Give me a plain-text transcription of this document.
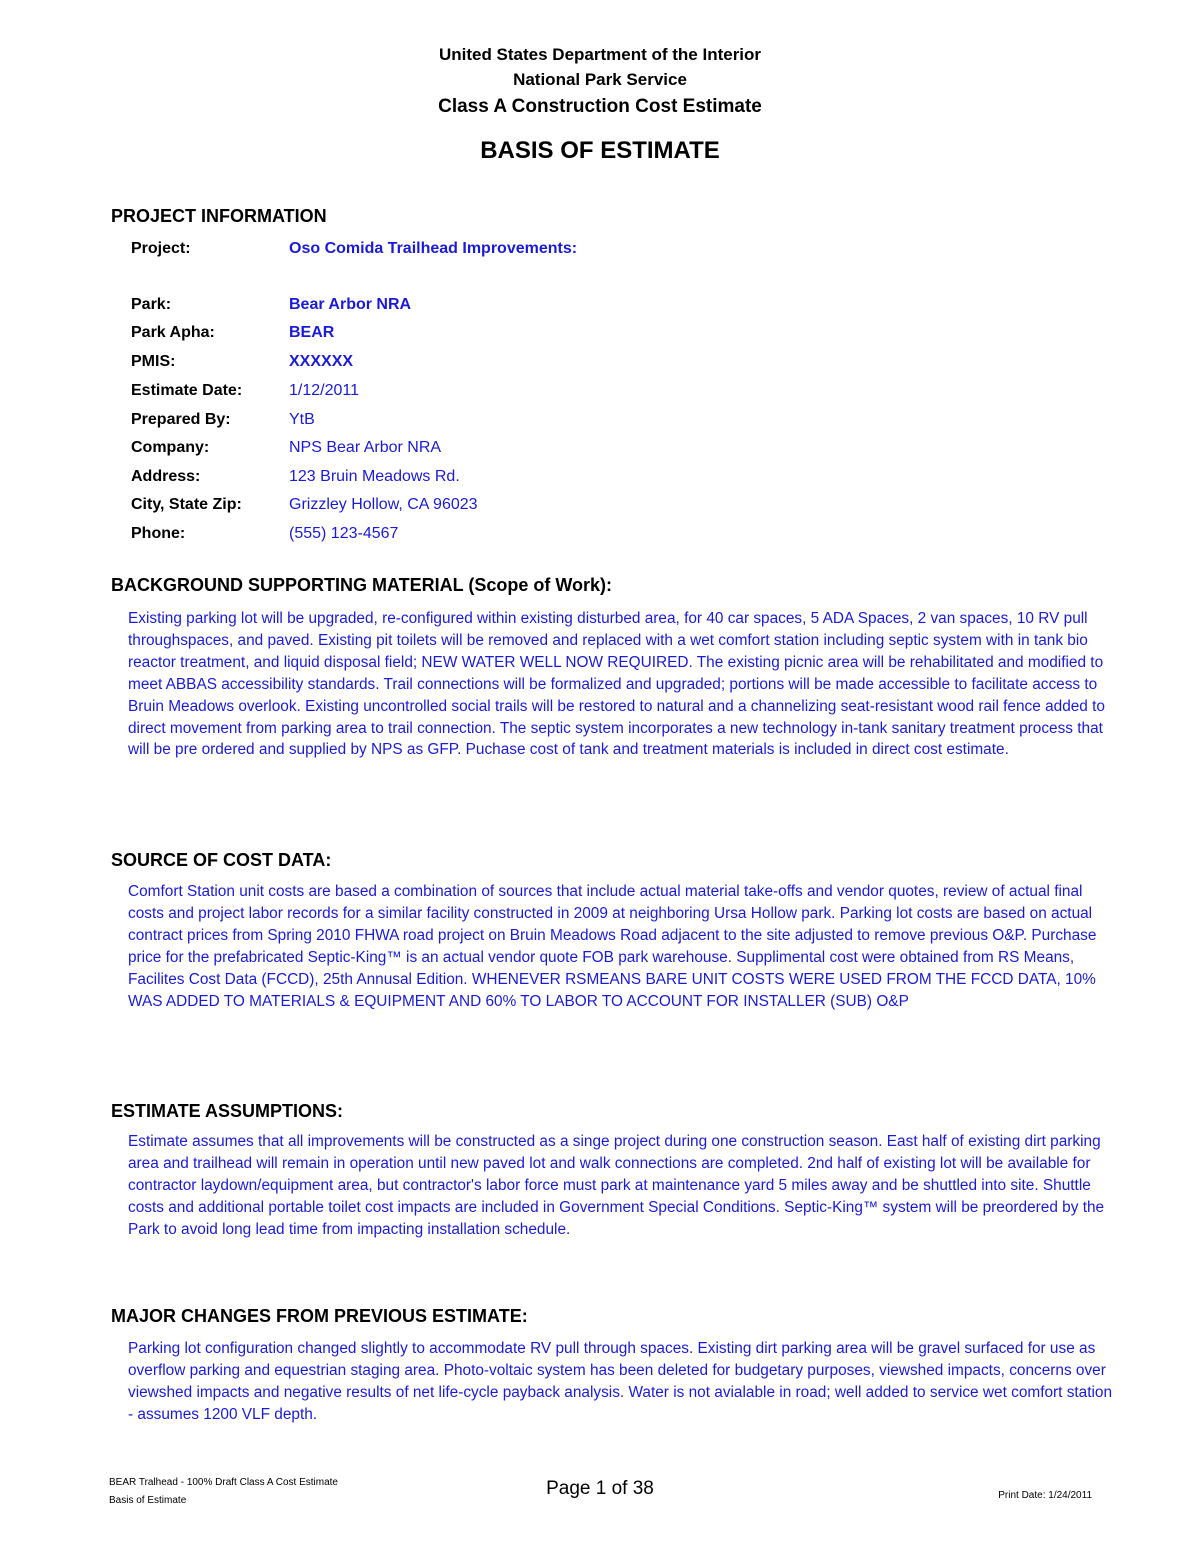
United States Department of the Interior
National Park Service
Class A Construction Cost Estimate
BASIS OF ESTIMATE
PROJECT INFORMATION
Project:	Oso Comida Trailhead Improvements:
Park:	Bear Arbor NRA
Park Apha:	BEAR
PMIS:	XXXXXX
Estimate Date:	1/12/2011
Prepared By:	YtB
Company:	NPS Bear Arbor NRA
Address:	123 Bruin Meadows Rd.
City, State Zip:	Grizzley Hollow, CA 96023
Phone:	(555) 123-4567
BACKGROUND SUPPORTING MATERIAL (Scope of Work):
Existing parking lot will be upgraded, re-configured within existing disturbed area, for 40 car spaces, 5 ADA Spaces, 2 van spaces, 10 RV pull throughspaces, and paved. Existing pit toilets will be removed and replaced with a wet comfort station including septic system with in tank bio reactor treatment, and liquid disposal field; NEW WATER WELL NOW REQUIRED. The existing picnic area will be rehabilitated and modified to meet ABBAS accessibility standards. Trail connections will be formalized and upgraded; portions will be made accessible to facilitate access to Bruin Meadows overlook. Existing uncontrolled social trails will be restored to natural and a channelizing seat-resistant wood rail fence added to direct movement from parking area to trail connection. The septic system incorporates a new technology in-tank sanitary treatment process that will be pre ordered and supplied by NPS as GFP. Puchase cost of tank and treatment materials is included in direct cost estimate.
SOURCE OF COST DATA:
Comfort Station unit costs are based a combination of sources that include actual material take-offs and vendor quotes, review of actual final costs and project labor records for a similar facility constructed in 2009 at neighboring Ursa Hollow park. Parking lot costs are based on actual contract prices from Spring 2010 FHWA road project on Bruin Meadows Road adjacent to the site adjusted to remove previous O&P. Purchase price for the prefabricated Septic-King™ is an actual vendor quote FOB park warehouse. Supplimental cost were obtained from RS Means, Facilites Cost Data (FCCD), 25th Annusal Edition. WHENEVER RSMEANS BARE UNIT COSTS WERE USED FROM THE FCCD DATA, 10% WAS ADDED TO MATERIALS & EQUIPMENT AND 60% TO LABOR TO ACCOUNT FOR INSTALLER (SUB) O&P
ESTIMATE ASSUMPTIONS:
Estimate assumes that all improvements will be constructed as a singe project during one construction season. East half of existing dirt parking area and trailhead will remain in operation until new paved lot and walk connections are completed. 2nd half of existing lot will be available for contractor laydown/equipment area, but contractor's labor force must park at maintenance yard 5 miles away and be shuttled into site. Shuttle costs and additional portable toilet cost impacts are included in Government Special Conditions. Septic-King™ system will be preordered by the Park to avoid long lead time from impacting installation schedule.
MAJOR CHANGES FROM PREVIOUS ESTIMATE:
Parking lot configuration changed slightly to accommodate RV pull through spaces. Existing dirt parking area will be gravel surfaced for use as overflow parking and equestrian staging area. Photo-voltaic system has been deleted for budgetary purposes, viewshed impacts, concerns over viewshed impacts and negative results of net life-cycle payback analysis. Water is not avialable in road; well added to service wet comfort station - assumes 1200 VLF depth.
BEAR Tralhead - 100% Draft Class A Cost Estimate
Basis of Estimate
Page 1 of 38	Print Date: 1/24/2011
